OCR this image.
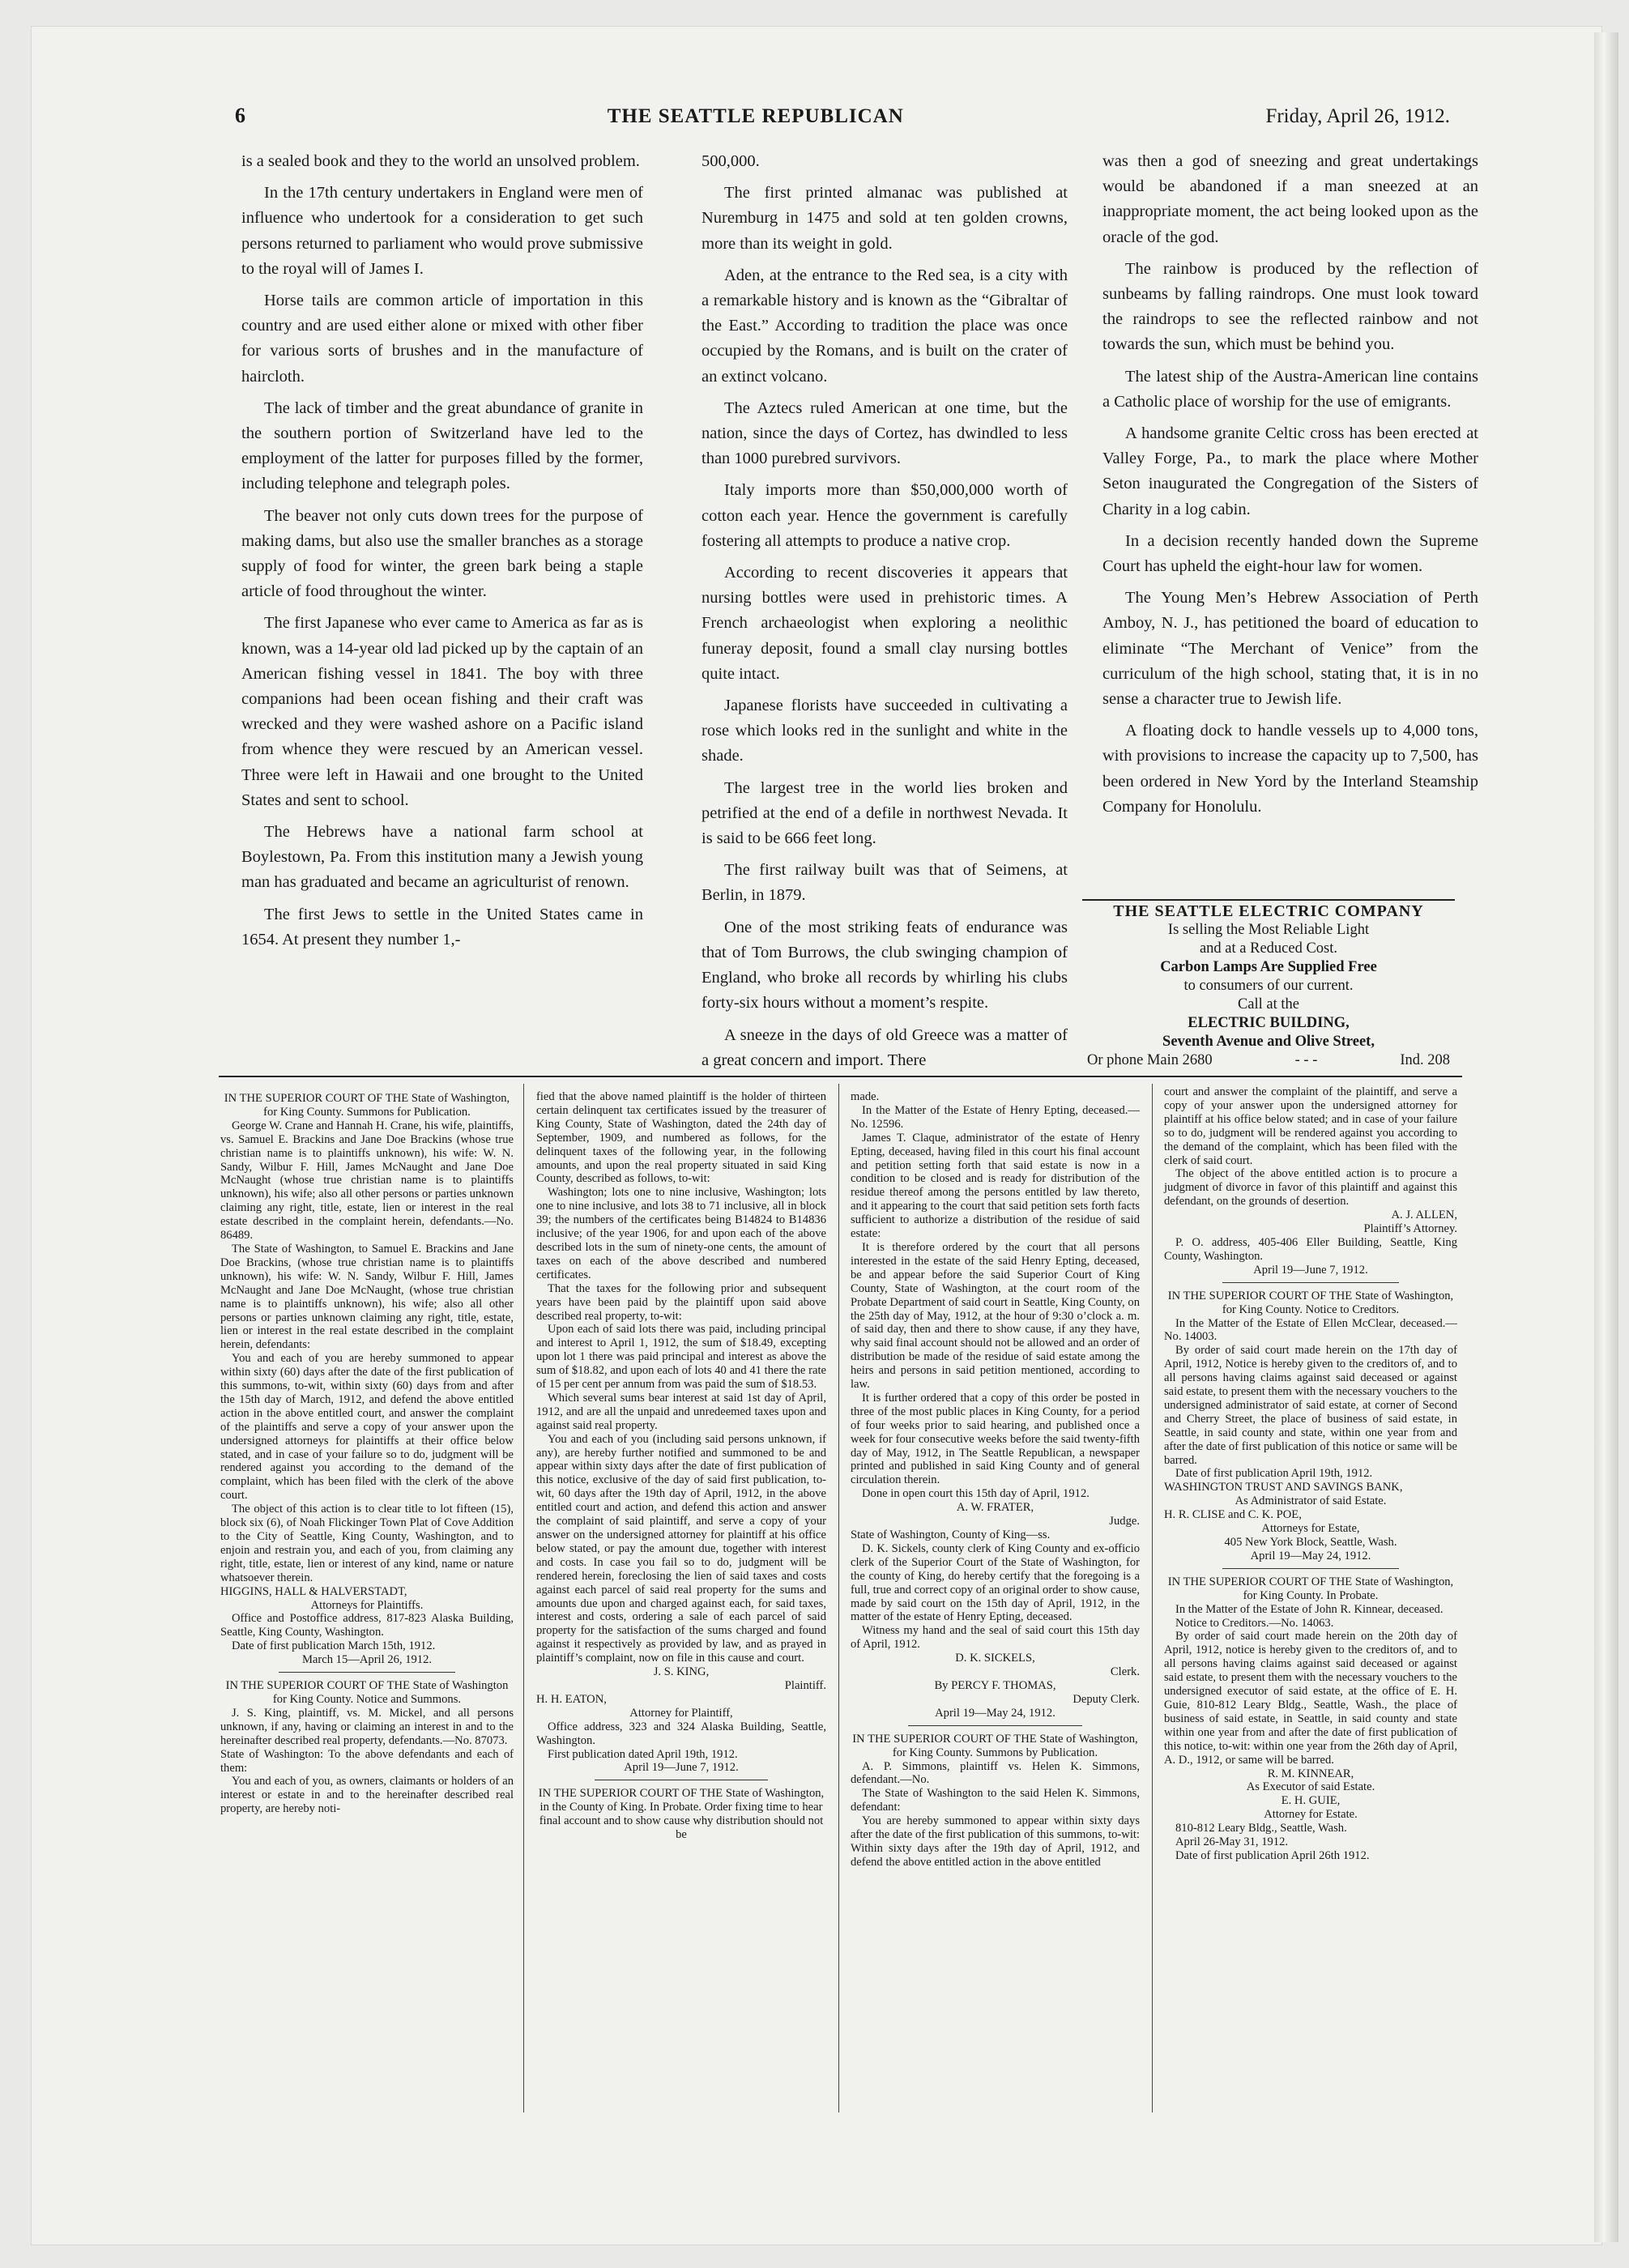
6	THE SEATTLE REPUBLICAN	Friday, April 26, 1912.

is a sealed book and they to the world an unsolved problem.

In the 17th century undertakers in England were men of influence who undertook for a consideration to get such persons returned to parliament who would prove submissive to the royal will of James I.

Horse tails are common article of importation in this country and are used either alone or mixed with other fiber for various sorts of brushes and in the manufacture of haircloth.

The lack of timber and the great abundance of granite in the southern portion of Switzerland have led to the employment of the latter for purposes filled by the former, including telephone and telegraph poles.

The beaver not only cuts down trees for the purpose of making dams, but also use the smaller branches as a storage supply of food for winter, the green bark being a staple article of food throughout the winter.

The first Japanese who ever came to America as far as is known, was a 14-year old lad picked up by the captain of an American fishing vessel in 1841. The boy with three companions had been ocean fishing and their craft was wrecked and they were washed ashore on a Pacific island from whence they were rescued by an American vessel. Three were left in Hawaii and one brought to the United States and sent to school.

The Hebrews have a national farm school at Boylestown, Pa. From this institution many a Jewish young man has graduated and became an agriculturist of renown.

The first Jews to settle in the United States came in 1654. At present they number 1,-

500,000.

The first printed almanac was published at Nuremburg in 1475 and sold at ten golden crowns, more than its weight in gold.

Aden, at the entrance to the Red sea, is a city with a remarkable history and is known as the “Gibraltar of the East.” According to tradition the place was once occupied by the Romans, and is built on the crater of an extinct volcano.

The Aztecs ruled American at one time, but the nation, since the days of Cortez, has dwindled to less than 1000 purebred survivors.

Italy imports more than $50,000,000 worth of cotton each year. Hence the government is carefully fostering all attempts to produce a native crop.

According to recent discoveries it appears that nursing bottles were used in prehistoric times. A French archaeologist when exploring a neolithic funeray deposit, found a small clay nursing bottles quite intact.

Japanese florists have succeeded in cultivating a rose which looks red in the sunlight and white in the shade.

The largest tree in the world lies broken and petrified at the end of a defile in northwest Nevada. It is said to be 666 feet long.

The first railway built was that of Seimens, at Berlin, in 1879.

One of the most striking feats of endurance was that of Tom Burrows, the club swinging champion of England, who broke all records by whirling his clubs forty-six hours without a moment’s respite.

A sneeze in the days of old Greece was a matter of a great concern and import. There

was then a god of sneezing and great undertakings would be abandoned if a man sneezed at an inappropriate moment, the act being looked upon as the oracle of the god.

The rainbow is produced by the reflection of sunbeams by falling raindrops. One must look toward the raindrops to see the reflected rainbow and not towards the sun, which must be behind you.

The latest ship of the Austra-American line contains a Catholic place of worship for the use of emigrants.

A handsome granite Celtic cross has been erected at Valley Forge, Pa., to mark the place where Mother Seton inaugurated the Congregation of the Sisters of Charity in a log cabin.

In a decision recently handed down the Supreme Court has upheld the eight-hour law for women.

The Young Men’s Hebrew Association of Perth Amboy, N. J., has petitioned the board of education to eliminate “The Merchant of Venice” from the curriculum of the high school, stating that, it is in no sense a character true to Jewish life.

A floating dock to handle vessels up to 4,000 tons, with provisions to increase the capacity up to 7,500, has been ordered in New Yord by the Interland Steamship Company for Honolulu.

THE SEATTLE ELECTRIC COMPANY
Is selling the Most Reliable Light
and at a Reduced Cost.
Carbon Lamps Are Supplied Free
to consumers of our current.
Call at the
ELECTRIC BUILDING,
Seventh Avenue and Olive Street,
Or phone Main 2680	- - -	Ind. 208

IN THE SUPERIOR COURT OF THE State of Washington, for King County. Summons for Publication.

George W. Crane and Hannah H. Crane, his wife, plaintiffs, vs. Samuel E. Brackins and Jane Doe Brackins (whose true christian name is to plaintiffs unknown), his wife: W. N. Sandy, Wilbur F. Hill, James McNaught and Jane Doe McNaught (whose true christian name is to plaintiffs unknown), his wife; also all other persons or parties unknown claiming any right, title, estate, lien or interest in the real estate described in the complaint herein, defendants.—No. 86489.

The State of Washington, to Samuel E. Brackins and Jane Doe Brackins, (whose true christian name is to plaintiffs unknown), his wife: W. N. Sandy, Wilbur F. Hill, James McNaught and Jane Doe McNaught, (whose true christian name is to plaintiffs unknown), his wife; also all other persons or parties unknown claiming any right, title, estate, lien or interest in the real estate described in the complaint herein, defendants:

You and each of you are hereby summoned to appear within sixty (60) days after the date of the first publication of this summons, to-wit, within sixty (60) days from and after the 15th day of March, 1912, and defend the above entitled action in the above entitled court, and answer the complaint of the plaintiffs and serve a copy of your answer upon the undersigned attorneys for plaintiffs at their office below stated, and in case of your failure so to do, judgment will be rendered against you according to the demand of the complaint, which has been filed with the clerk of the above court.

The object of this action is to clear title to lot fifteen (15), block six (6), of Noah Flickinger Town Plat of Cove Addition to the City of Seattle, King County, Washington, and to enjoin and restrain you, and each of you, from claiming any right, title, estate, lien or interest of any kind, name or nature whatsoever therein.

HIGGINS, HALL & HALVERSTADT,

Attorneys for Plaintiffs.

Office and Postoffice address, 817-823 Alaska Building, Seattle, King County, Washington.

Date of first publication March 15th, 1912.

March 15—April 26, 1912.

IN THE SUPERIOR COURT OF THE State of Washington for King County. Notice and Summons.

J. S. King, plaintiff, vs. M. Mickel, and all persons unknown, if any, having or claiming an interest in and to the hereinafter described real property, defendants.—No. 87073.

State of Washington: To the above defendants and each of them:

You and each of you, as owners, claimants or holders of an interest or estate in and to the hereinafter described real property, are hereby noti-

fied that the above named plaintiff is the holder of thirteen certain delinquent tax certificates issued by the treasurer of King County, State of Washington, dated the 24th day of September, 1909, and numbered as follows, for the delinquent taxes of the following year, in the following amounts, and upon the real property situated in said King County, described as follows, to-wit:

Washington; lots one to nine inclusive, Washington; lots one to nine inclusive, and lots 38 to 71 inclusive, all in block 39; the numbers of the certificates being B14824 to B14836 inclusive; of the year 1906, for and upon each of the above described lots in the sum of ninety-one cents, the amount of taxes on each of the above described and numbered certificates.

That the taxes for the following prior and subsequent years have been paid by the plaintiff upon said above described real property, to-wit:

Upon each of said lots there was paid, including principal and interest to April 1, 1912, the sum of $18.49, excepting upon lot 1 there was paid principal and interest as above the sum of $18.82, and upon each of lots 40 and 41 there the rate of 15 per cent per annum from was paid the sum of $18.53.

Which several sums bear interest at said 1st day of April, 1912, and are all the unpaid and unredeemed taxes upon and against said real property.

You and each of you (including said persons unknown, if any), are hereby further notified and summoned to be and appear within sixty days after the date of first publication of this notice, exclusive of the day of said first publication, to-wit, 60 days after the 19th day of April, 1912, in the above entitled court and action, and defend this action and answer the complaint of said plaintiff, and serve a copy of your answer on the undersigned attorney for plaintiff at his office below stated, or pay the amount due, together with interest and costs. In case you fail so to do, judgment will be rendered herein, foreclosing the lien of said taxes and costs against each parcel of said real property for the sums and amounts due upon and charged against each, for said taxes, interest and costs, ordering a sale of each parcel of said property for the satisfaction of the sums charged and found against it respectively as provided by law, and as prayed in plaintiff’s complaint, now on file in this cause and court.

J. S. KING,

Plaintiff.

H. H. EATON,

Attorney for Plaintiff,

Office address, 323 and 324 Alaska Building, Seattle, Washington.

First publication dated April 19th, 1912.

April 19—June 7, 1912.

IN THE SUPERIOR COURT OF THE State of Washington, in the County of King. In Probate. Order fixing time to hear final account and to show cause why distribution should not be

made.

In the Matter of the Estate of Henry Epting, deceased.—No. 12596.

James T. Claque, administrator of the estate of Henry Epting, deceased, having filed in this court his final account and petition setting forth that said estate is now in a condition to be closed and is ready for distribution of the residue thereof among the persons entitled by law thereto, and it appearing to the court that said petition sets forth facts sufficient to authorize a distribution of the residue of said estate:

It is therefore ordered by the court that all persons interested in the estate of the said Henry Epting, deceased, be and appear before the said Superior Court of King County, State of Washington, at the court room of the Probate Department of said court in Seattle, King County, on the 25th day of May, 1912, at the hour of 9:30 o’clock a. m. of said day, then and there to show cause, if any they have, why said final account should not be allowed and an order of distribution be made of the residue of said estate among the heirs and persons in said petition mentioned, according to law.

It is further ordered that a copy of this order be posted in three of the most public places in King County, for a period of four weeks prior to said hearing, and published once a week for four consecutive weeks before the said twenty-fifth day of May, 1912, in The Seattle Republican, a newspaper printed and published in said King County and of general circulation therein.

Done in open court this 15th day of April, 1912.

A. W. FRATER,

Judge.

State of Washington, County of King—ss.

D. K. Sickels, county clerk of King County and ex-officio clerk of the Superior Court of the State of Washington, for the county of King, do hereby certify that the foregoing is a full, true and correct copy of an original order to show cause, made by said court on the 15th day of April, 1912, in the matter of the estate of Henry Epting, deceased.

Witness my hand and the seal of said court this 15th day of April, 1912.

D. K. SICKELS,

Clerk.

By PERCY F. THOMAS,

Deputy Clerk.

April 19—May 24, 1912.

IN THE SUPERIOR COURT OF THE State of Washington, for King County. Summons by Publication.

A. P. Simmons, plaintiff vs. Helen K. Simmons, defendant.—No.

The State of Washington to the said Helen K. Simmons, defendant:

You are hereby summoned to appear within sixty days after the date of the first publication of this summons, to-wit: Within sixty days after the 19th day of April, 1912, and defend the above entitled action in the above entitled

court and answer the complaint of the plaintiff, and serve a copy of your answer upon the undersigned attorney for plaintiff at his office below stated; and in case of your failure so to do, judgment will be rendered against you according to the demand of the complaint, which has been filed with the clerk of said court.

The object of the above entitled action is to procure a judgment of divorce in favor of this plaintiff and against this defendant, on the grounds of desertion.

A. J. ALLEN,

Plaintiff’s Attorney.

P. O. address, 405-406 Eller Building, Seattle, King County, Washington.

April 19—June 7, 1912.

IN THE SUPERIOR COURT OF THE State of Washington, for King County. Notice to Creditors.

In the Matter of the Estate of Ellen McClear, deceased.—No. 14003.

By order of said court made herein on the 17th day of April, 1912, Notice is hereby given to the creditors of, and to all persons having claims against said deceased or against said estate, to present them with the necessary vouchers to the undersigned administrator of said estate, at corner of Second and Cherry Street, the place of business of said estate, in Seattle, in said county and state, within one year from and after the date of first publication of this notice or same will be barred.

Date of first publication April 19th, 1912.

WASHINGTON TRUST AND SAVINGS BANK,

As Administrator of said Estate.

H. R. CLISE and C. K. POE,

Attorneys for Estate,

405 New York Block, Seattle, Wash.

April 19—May 24, 1912.

IN THE SUPERIOR COURT OF THE State of Washington, for King County. In Probate.

In the Matter of the Estate of John R. Kinnear, deceased.

Notice to Creditors.—No. 14063.

By order of said court made herein on the 20th day of April, 1912, notice is hereby given to the creditors of, and to all persons having claims against said deceased or against said estate, to present them with the necessary vouchers to the undersigned executor of said estate, at the office of E. H. Guie, 810-812 Leary Bldg., Seattle, Wash., the place of business of said estate, in Seattle, in said county and state within one year from and after the date of first publication of this notice, to-wit: within one year from the 26th day of April, A. D., 1912, or same will be barred.

R. M. KINNEAR,

As Executor of said Estate.

E. H. GUIE,

Attorney for Estate.

810-812 Leary Bldg., Seattle, Wash.

April 26-May 31, 1912.

Date of first publication April 26th 1912.
